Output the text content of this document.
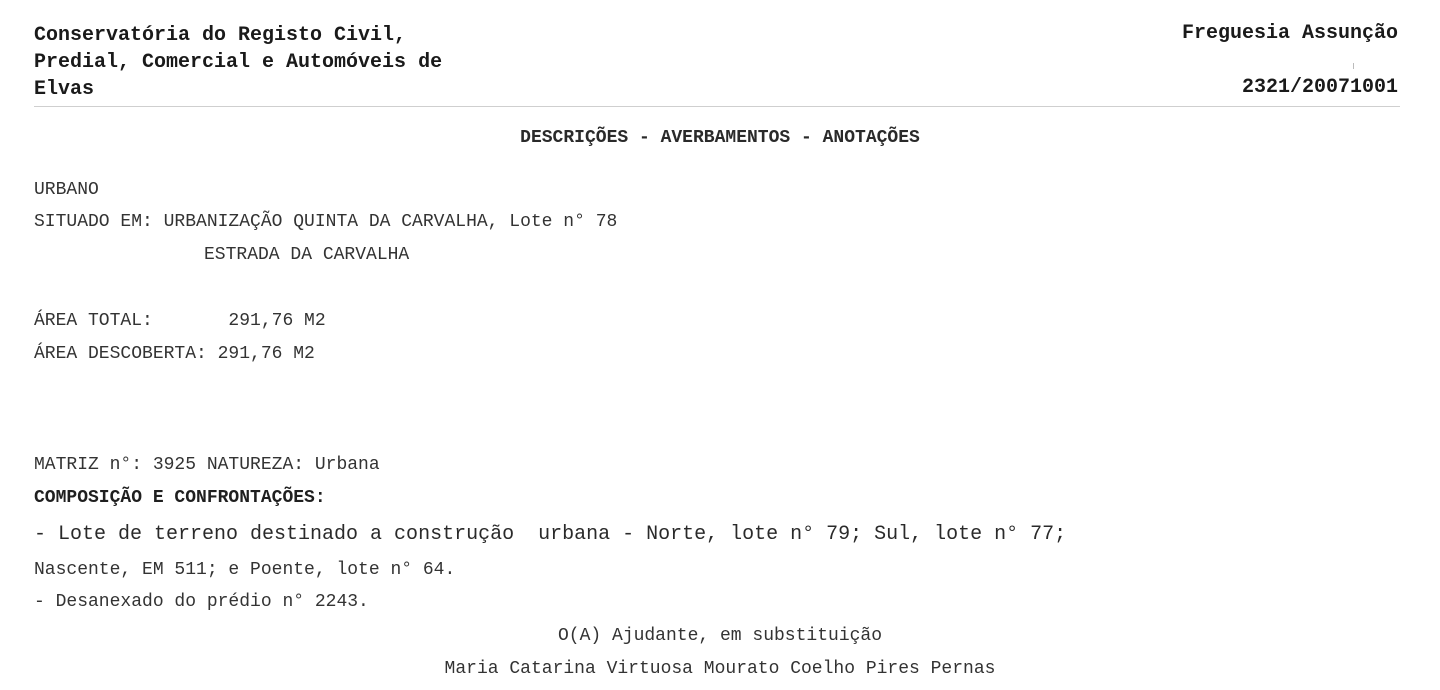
Conservatória do Registo Civil,
Predial, Comercial e Automóveis de
Elvas
Freguesia Assunção
2321/20071001
DESCRIÇÕES - AVERBAMENTOS - ANOTAÇÕES
URBANO
SITUADO EM: URBANIZAÇÃO QUINTA DA CARVALHA, Lote n° 78
ESTRADA DA CARVALHA
ÁREA TOTAL:       291,76 M2
ÁREA DESCOBERTA: 291,76 M2
MATRIZ n°: 3925 NATUREZA: Urbana
COMPOSIÇÃO E CONFRONTAÇÕES:
- Lote de terreno destinado a construção  urbana - Norte, lote n° 79; Sul, lote n° 77;
Nascente, EM 511; e Poente, lote n° 64.
- Desanexado do prédio n° 2243.
O(A) Ajudante, em substituição
Maria Catarina Virtuosa Mourato Coelho Pires Pernas
